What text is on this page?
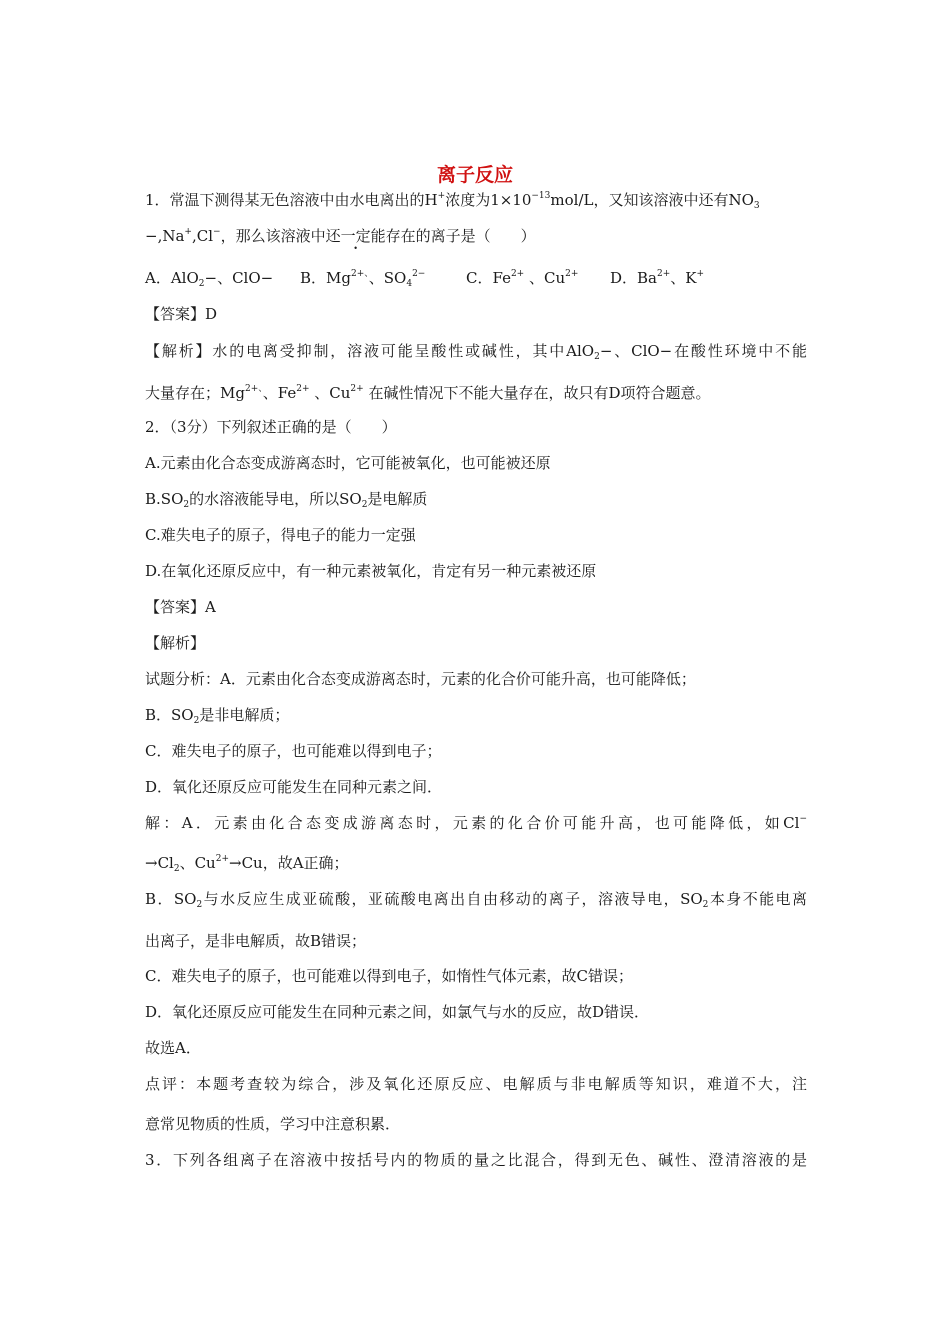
离子反应
1．常温下测得某无色溶液中由水电离出的H+浓度为$1\times 10^{-13}mol/L$，又知该溶液中还有$NO_3$
−,Na+,Cl−，那么该溶液中还一定能存在的离子是（　　）
A．AlO$_2$−、ClO− B．$Mg^{2+、}$、$SO_4^{2-}$	C．$Fe^{2+}$ 、$Cu^{2+}$ D．$Ba^{2+}$、K+
【答案】D
【解析】水的电离受抑制，溶液可能呈酸性或碱性，其中AlO$_2$−、ClO−在酸性环境中不能
大量存在；$Mg^{2+、}$、$Fe^{2+}$ 、$Cu^{2+}$ 在碱性情况下不能大量存在，故只有D项符合题意。
2．（3分）下列叙述正确的是（　　）
A.元素由化合态变成游离态时，它可能被氧化，也可能被还原
$B.SO_2$的水溶液能导电，所以$SO_2$是电解质
C.难失电子的原子，得电子的能力一定强
D.在氧化还原反应中，有一种元素被氧化，肯定有另一种元素被还原
【答案】A
【解析】
试题分析：A．元素由化合态变成游离态时，元素的化合价可能升高，也可能降低；
B．$SO_2$是非电解质；
C．难失电子的原子，也可能难以得到电子；
D．氧化还原反应可能发生在同种元素之间．
解：A．元素由化合态变成游离态时，元素的化合价可能升高，也可能降低，如Cl−
$\to Cl_2$、$Cu^{2+}\to Cu$，故A正确；
B．$SO_2$与水反应生成亚硫酸，亚硫酸电离出自由移动的离子，溶液导电，$SO_2$本身不能电离
出离子，是非电解质，故B错误；
C．难失电子的原子，也可能难以得到电子，如惰性气体元素，故C错误；
D．氧化还原反应可能发生在同种元素之间，如氯气与水的反应，故D错误．
故选A．
点评：本题考查较为综合，涉及氧化还原反应、电解质与非电解质等知识，难道不大，注
意常见物质的性质，学习中注意积累．
3．下列各组离子在溶液中按括号内的物质的量之比混合，得到无色、碱性、澄清溶液的是
